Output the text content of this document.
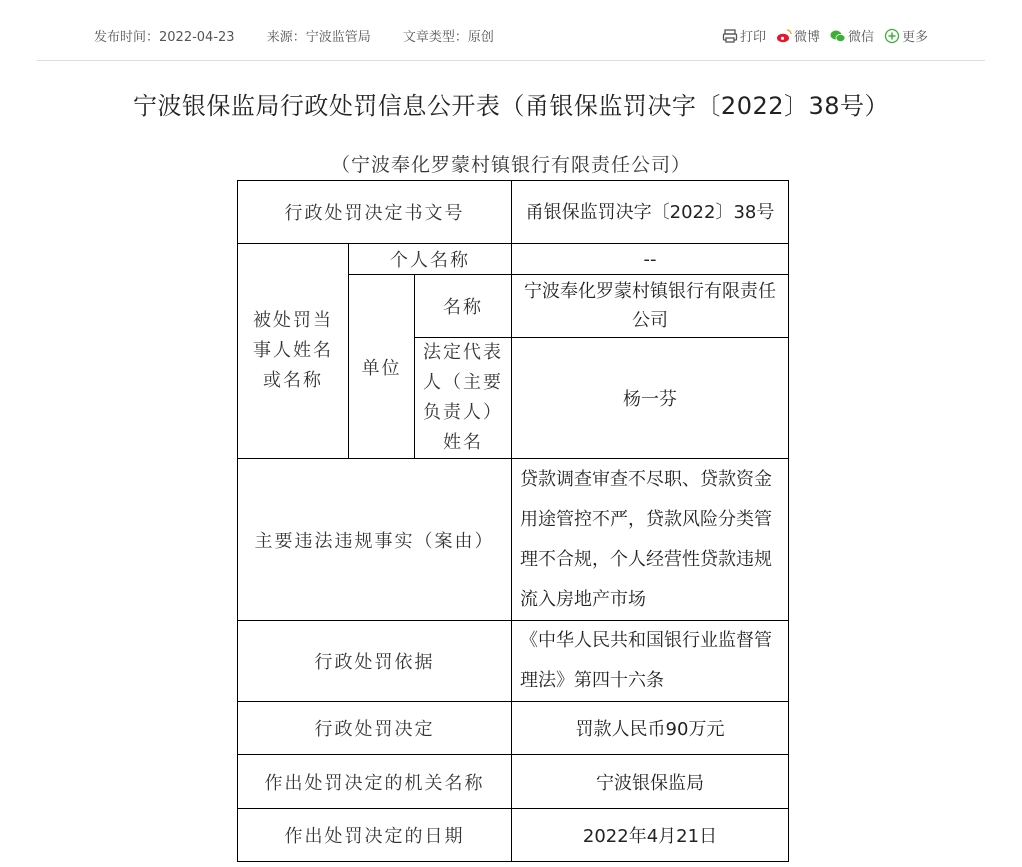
发布时间：2022-04-23 来源：宁波监管局 文章类型：原创	打印 微博 微信 更多
宁波银保监局行政处罚信息公开表（甬银保监罚决字〔2022〕38号）
（宁波奉化罗蒙村镇银行有限责任公司）
行政处罚决定书文号			甬银保监罚决字〔2022〕38号
被处罚当事人姓名或名称	个人名称		--
	单位	名称	宁波奉化罗蒙村镇银行有限责任公司
		法定代表人（主要负责人）姓名	杨一芬
主要违法违规事实（案由）			贷款调查审查不尽职、贷款资金用途管控不严，贷款风险分类管理不合规，个人经营性贷款违规流入房地产市场
行政处罚依据			《中华人民共和国银行业监督管理法》第四十六条
行政处罚决定			罚款人民币90万元
作出处罚决定的机关名称			宁波银保监局
作出处罚决定的日期			2022年4月21日
